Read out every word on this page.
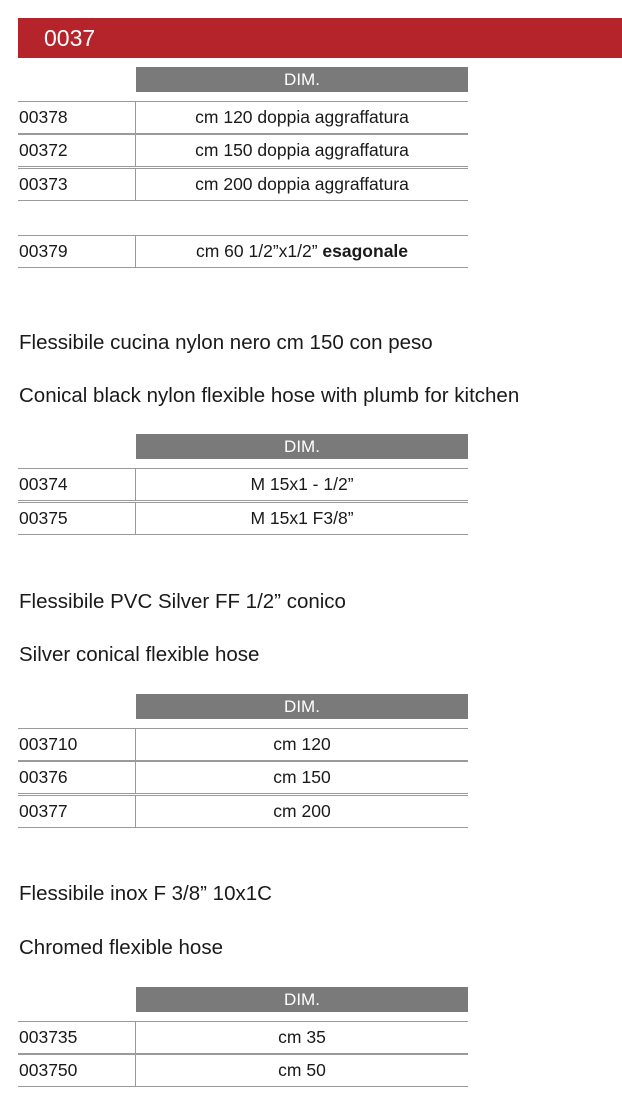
0037
DIM.
00378	cm 120 doppia aggraffatura
00372	cm 150 doppia aggraffatura
00373	cm 200 doppia aggraffatura
00379	cm 60 1/2”x1/2” esagonale
Flessibile cucina nylon nero cm 150 con peso
Conical black nylon flexible hose with plumb for kitchen
DIM.
00374	M 15x1 - 1/2”
00375	M 15x1 F3/8”
Flessibile PVC Silver FF 1/2” conico
Silver conical flexible hose
DIM.
003710	cm 120
00376	cm 150
00377	cm 200
Flessibile inox F 3/8” 10x1C
Chromed flexible hose
DIM.
003735	cm 35
003750	cm 50
